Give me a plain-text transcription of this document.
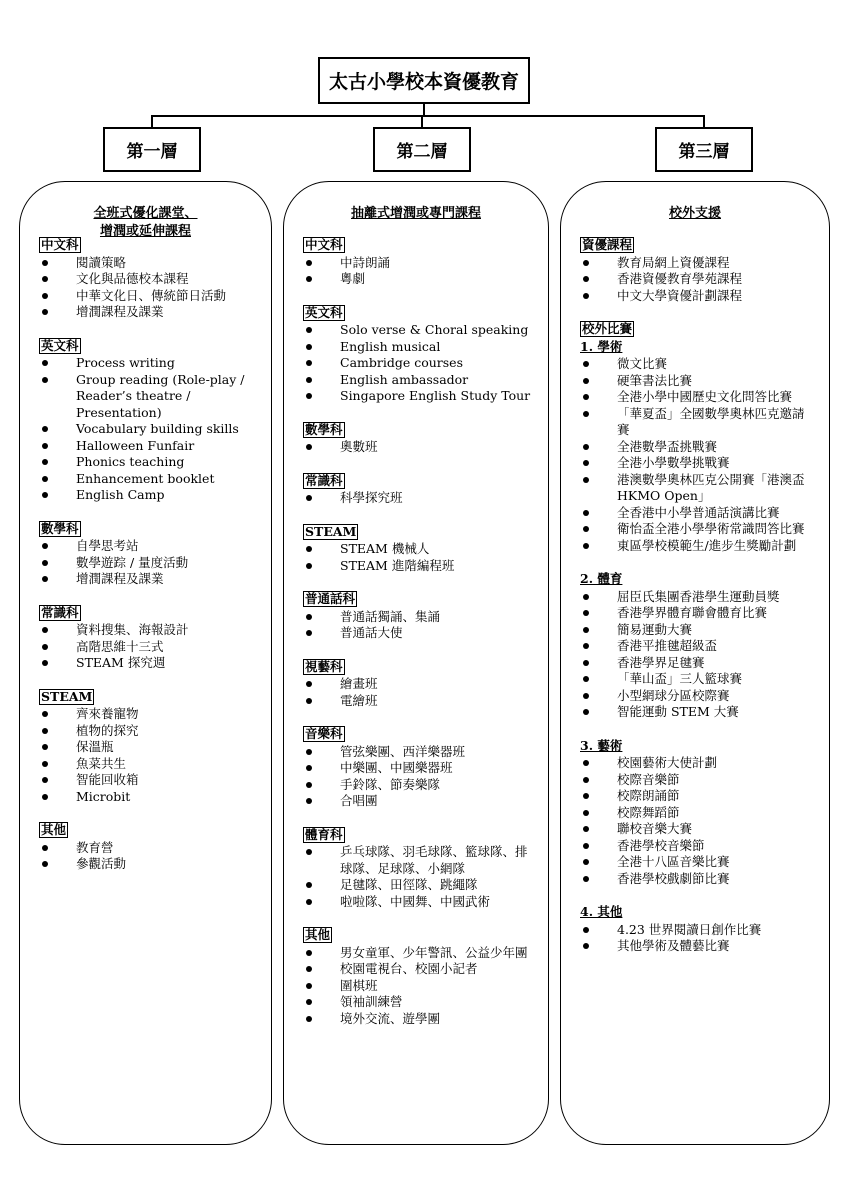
太古小學校本資優教育
第一層	第二層	第三層
全班式優化課堂、
增潤或延伸課程
中文科
閱讀策略
文化與品德校本課程
中華文化日、傳統節日活動
增潤課程及課業
英文科
Process writing
Group reading (Role-play / Reader’s theatre / Presentation)
Vocabulary building skills
Halloween Funfair
Phonics teaching
Enhancement booklet
English Camp
數學科
自學思考站
數學遊踪 / 量度活動
增潤課程及課業
常識科
資料搜集、海報設計
高階思維十三式
STEAM 探究週
STEAM
齊來養寵物
植物的探究
保溫瓶
魚菜共生
智能回收箱
Microbit
其他
教育營
參觀活動
抽離式增潤或專門課程
中文科
中詩朗誦
粵劇
英文科
Solo verse & Choral speaking
English musical
Cambridge courses
English ambassador
Singapore English Study Tour
數學科
奧數班
常識科
科學探究班
STEAM
STEAM 機械人
STEAM 進階編程班
普通話科
普通話獨誦、集誦
普通話大使
視藝科
繪畫班
電繪班
音樂科
管弦樂團、西洋樂器班
中樂團、中國樂器班
手鈴隊、節奏樂隊
合唱團
體育科
乒乓球隊、羽毛球隊、籃球隊、排球隊、足球隊、小網隊
足毽隊、田徑隊、跳繩隊
啦啦隊、中國舞、中國武術
其他
男女童軍、少年警訊、公益少年團
校園電視台、校園小記者
圍棋班
領袖訓練營
境外交流、遊學團
校外支援
資優課程
教育局網上資優課程
香港資優教育學苑課程
中文大學資優計劃課程
校外比賽
1. 學術
微文比賽
硬筆書法比賽
全港小學中國歷史文化問答比賽
「華夏盃」全國數學奧林匹克邀請賽
全港數學盃挑戰賽
全港小學數學挑戰賽
港澳數學奧林匹克公開賽「港澳盃 HKMO Open」
全香港中小學普通話演講比賽
衛怡盃全港小學學術常識問答比賽
東區學校模範生/進步生獎勵計劃
2. 體育
屈臣氏集團香港學生運動員獎
香港學界體育聯會體育比賽
簡易運動大賽
香港平推毽超級盃
香港學界足毽賽
「華山盃」三人籃球賽
小型網球分區校際賽
智能運動 STEM 大賽
3. 藝術
校園藝術大使計劃
校際音樂節
校際朗誦節
校際舞蹈節
聯校音樂大賽
香港學校音樂節
全港十八區音樂比賽
香港學校戲劇節比賽
4. 其他
4.23 世界閱讀日創作比賽
其他學術及體藝比賽
